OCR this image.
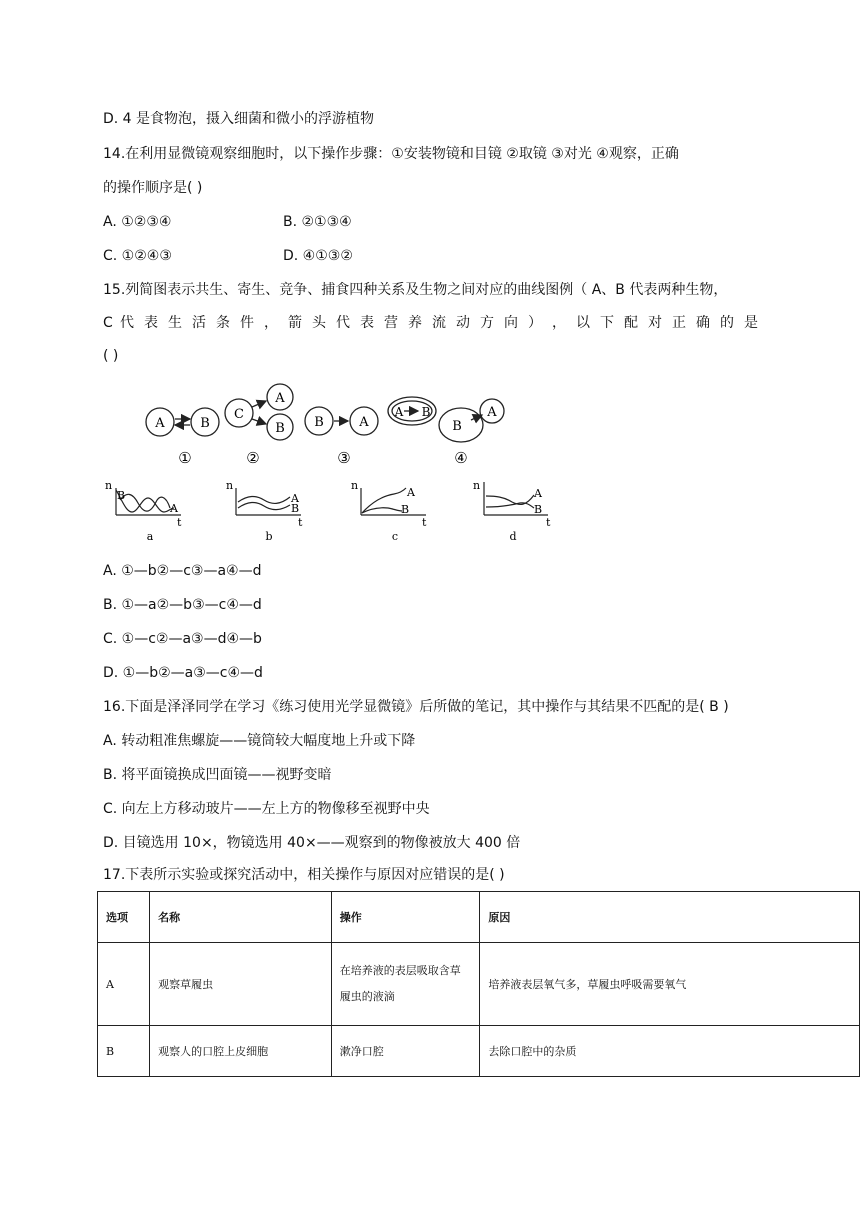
D. 4 是食物泡，摄入细菌和微小的浮游植物
14.在利用显微镜观察细胞时，以下操作步骤：①安装物镜和目镜 ②取镜 ③对光 ④观察，正确
的操作顺序是( )
A. ①②③④	B. ②①③④
C. ①②④③	D. ④①③②
15.列简图表示共生、寄生、竞争、捕食四种关系及生物之间对应的曲线图例（ A、B 代表两种生物，
C 代 表 生 活 条 件 ， 箭 头 代 表 营 养 流 动 方 向 ） ， 以 下 配 对 正 确 的 是
( )
A	B
C
A
B B	A
A B
B
A
①	②	③	④
n
B
A
t
a
n
A
B
t
b
n
A
B
t
c
n
A
B
t
d
A. ①—b②—c③—a④—d
B. ①—a②—b③—c④—d
C. ①—c②—a③—d④—b
D. ①—b②—a③—c④—d
16.下面是泽泽同学在学习《练习使用光学显微镜》后所做的笔记，其中操作与其结果不匹配的是( B )
A. 转动粗准焦螺旋——镜筒较大幅度地上升或下降
B. 将平面镜换成凹面镜——视野变暗
C. 向左上方移动玻片——左上方的物像移至视野中央
D. 目镜选用 10×，物镜选用 40×——观察到的物像被放大 400 倍
17.下表所示实验或探究活动中，相关操作与原因对应错误的是( )
选项	名称	操作	原因
A	观察草履虫	在培养液的表层吸取含草履虫的液滴	培养液表层氧气多，草履虫呼吸需要氧气
B	观察人的口腔上皮细胞	漱净口腔	去除口腔中的杂质
